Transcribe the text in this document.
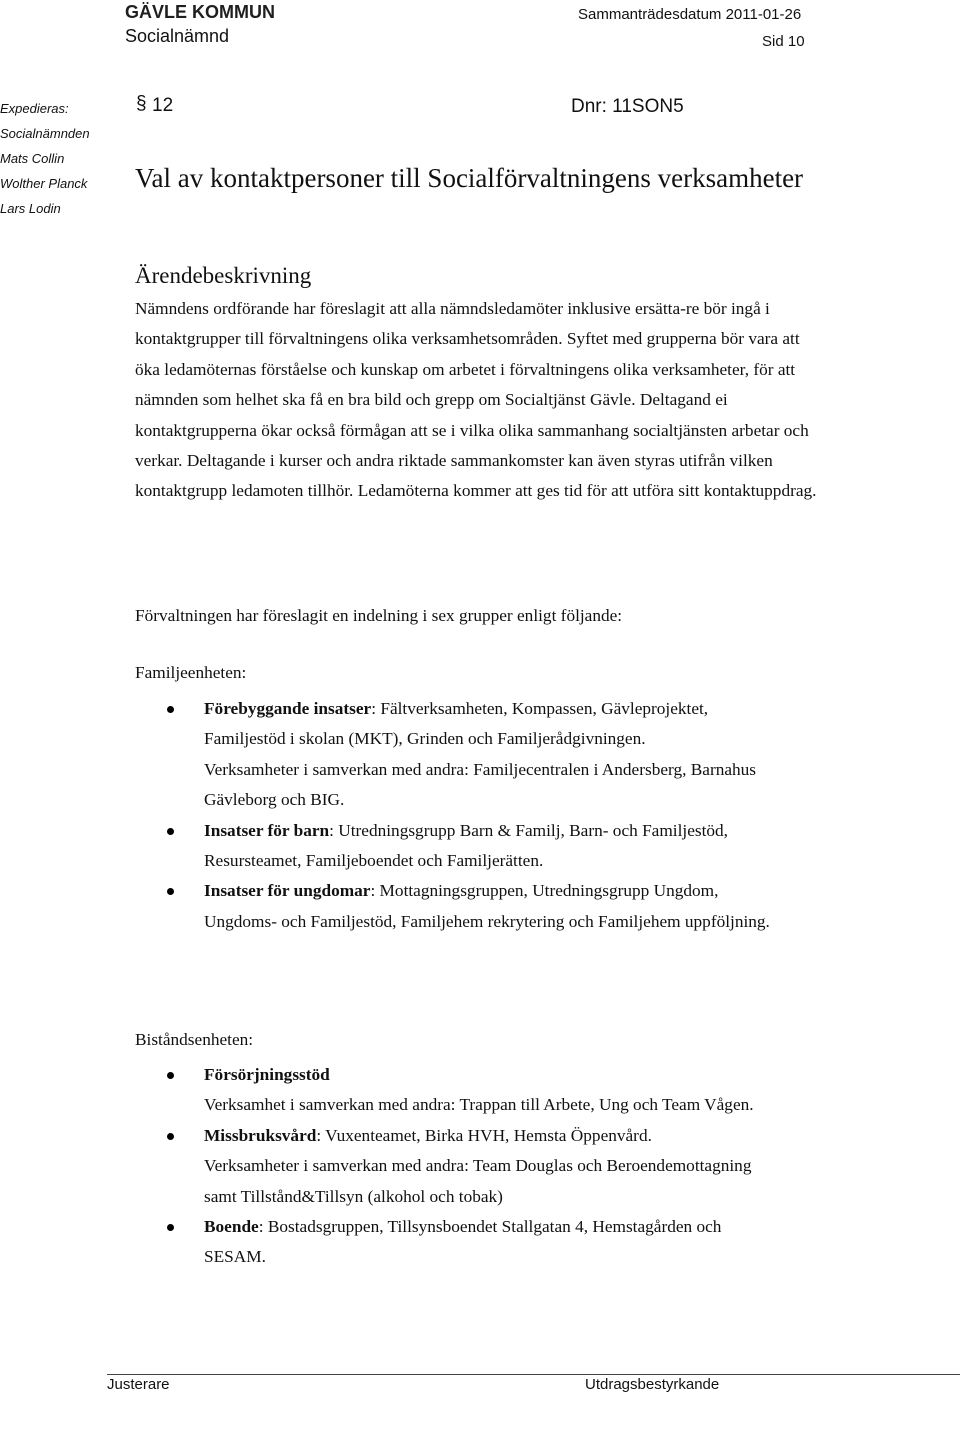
GÄVLE KOMMUN
Socialnämnd
Sammanträdesdatum 2011-01-26
Sid 10
Expedieras:
Socialnämnden
Mats Collin
Wolther Planck
Lars Lodin
§ 12	Dnr: 11SON5
Val av kontaktpersoner till Socialförvaltningens verksamheter
Ärendebeskrivning
Nämndens ordförande har föreslagit att alla nämndsledamöter inklusive ersätta-re bör ingå i kontaktgrupper till förvaltningens olika verksamhetsområden. Syftet med grupperna bör vara att öka ledamöternas förståelse och kunskap om arbetet i förvaltningens olika verksamheter, för att nämnden som helhet ska få en bra bild och grepp om Socialtjänst Gävle. Deltagand ei kontaktgrupperna ökar också förmågan att se i vilka olika sammanhang socialtjänsten arbetar och verkar. Deltagande i kurser och andra riktade sammankomster kan även styras utifrån vilken kontaktgrupp ledamoten tillhör. Ledamöterna kommer att ges tid för att utföra sitt kontaktuppdrag.
Förvaltningen har föreslagit en indelning i sex grupper enligt följande:
Familjeenheten:
Förebyggande insatser: Fältverksamheten, Kompassen, Gävleprojektet, Familjestöd i skolan (MKT), Grinden och Familjerådgivningen.
Verksamheter i samverkan med andra: Familjecentralen i Andersberg, Barnahus Gävleborg och BIG.
Insatser för barn: Utredningsgrupp Barn & Familj, Barn- och Familjestöd, Resursteamet, Familjeboendet och Familjerätten.
Insatser för ungdomar: Mottagningsgruppen, Utredningsgrupp Ungdom, Ungdoms- och Familjestöd, Familjehem rekrytering och Familjehem uppföljning.
Biståndsenheten:
Försörjningsstöd
Verksamhet i samverkan med andra: Trappan till Arbete, Ung och Team Vågen.
Missbruksvård: Vuxenteamet, Birka HVH, Hemsta Öppenvård.
Verksamheter i samverkan med andra: Team Douglas och Beroendemottagning samt Tillstånd&Tillsyn (alkohol och tobak)
Boende: Bostadsgruppen, Tillsynsboendet Stallgatan 4, Hemstagården och SESAM.
Justerare	Utdragsbestyrkande
